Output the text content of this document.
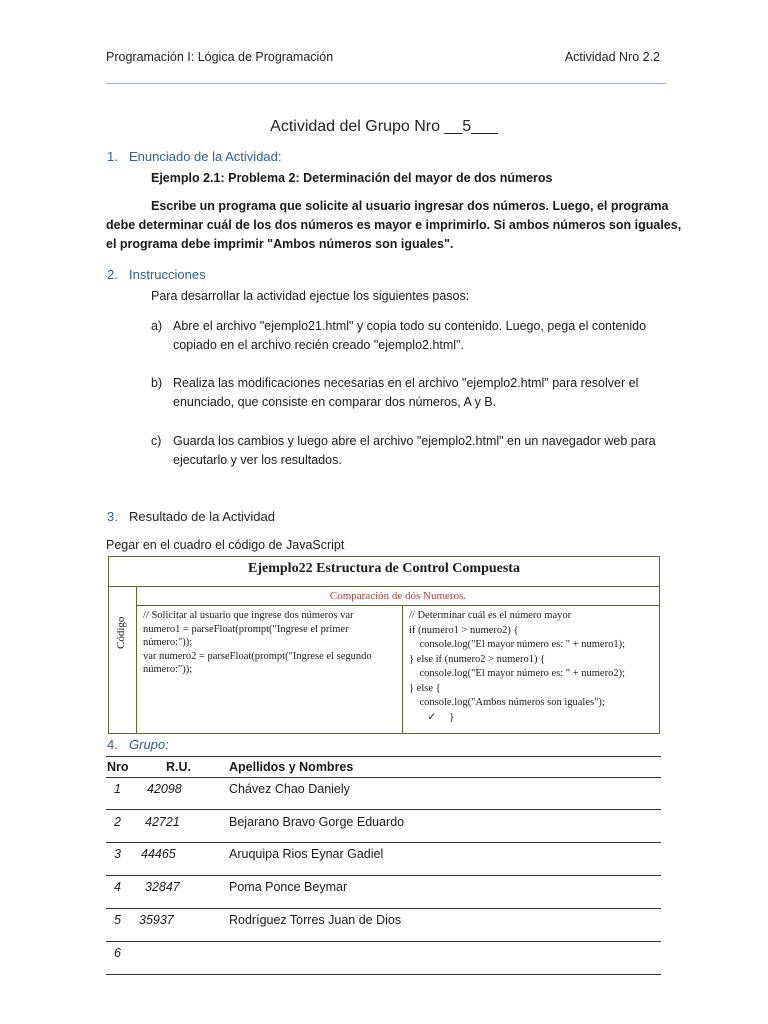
Programación I: Lógica de Programación	Actividad Nro 2.2
Actividad del Grupo Nro __5___
1. Enunciado de la Actividad:
Ejemplo 2.1: Problema 2: Determinación del mayor de dos números
Escribe un programa que solicite al usuario ingresar dos números. Luego, el programa
debe determinar cuál de los dos números es mayor e imprimirlo. Si ambos números son iguales,
el programa debe imprimir "Ambos números son iguales".
2. Instrucciones
Para desarrollar la actividad ejectue los siguientes pasos:
a) Abre el archivo "ejemplo21.html" y copia todo su contenido. Luego, pega el contenido
copiado en el archivo recién creado "ejemplo2.html".
b) Realiza las modificaciones necesarias en el archivo "ejemplo2.html" para resolver el
enunciado, que consiste en comparar dos números, A y B.
c) Guarda los cambios y luego abre el archivo "ejemplo2.html" en un navegador web para
ejecutarlo y ver los resultados.
3. Resultado de la Actividad
Pegar en el cuadro el código de JavaScript
Ejemplo22 Estructura de Control Compuesta
Código
Comparación de dós Numeros.
// Solicitar al usuario que ingrese dos números var
numero1 = parseFloat(prompt("Ingrese el primer
número:"));
var numero2 = parseFloat(prompt("Ingrese el segundo
número:"));
// Determinar cuál es el número mayor
if (numero1 > numero2) {
console.log("El mayor número es: " + numero1);
} else if (numero2 > numero1) {
console.log("El mayor número es: " + numero2);
} else {
console.log("Ambos números son iguales");
✓     }
4. Grupo:
Nro	R.U.	Apellidos y Nombres
1 42098	Chávez Chao Daniely
2 42721	Bejarano Bravo Gorge Eduardo
3 44465	Aruquipa Rios Eynar Gadiel
4 32847	Poma Ponce Beymar
5 35937	Rodríguez Torres Juan de Dios
6
